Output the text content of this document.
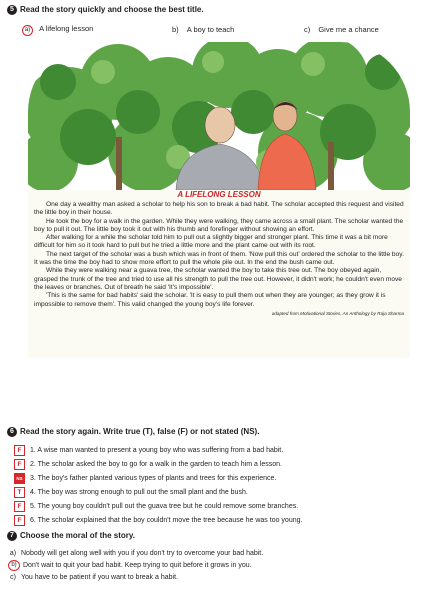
5 Read the story quickly and choose the best title.
a) A lifelong lesson	b) A boy to teach	c) Give me a chance
A LIFELONG LESSON

One day a wealthy man asked a scholar to help his son to break a bad habit. The scholar accepted this request and visited the little boy in their house.

He took the boy for a walk in the garden. While they were walking, they came across a small plant. The scholar wanted the boy to pull it out. The little boy took it out with his thumb and forefinger without showing an effort.

After walking for a while the scholar told him to pull out a slightly bigger and stronger plant. This time it was a bit more difficult for him so it took hard to pull but he tried a little more and the plant came out with its root.

The next target of the scholar was a bush which was in front of them. 'Now pull this out' ordered the scholar to the little boy. It was the time the boy had to show more effort to pull the whole pile out. In the end the bush came out.

While they were walking near a guava tree, the scholar wanted the boy to take this tree out. The boy obeyed again, grasped the trunk of the tree and tried to use all his strength to pull the tree out. However, it didn't work; he couldn't even move the leaves or branches. Out of breath he said 'It's impossible'.

'This is the same for bad habits' said the scholar. 'It is easy to pull them out when they are younger; as they grow it is impossible to remove them'. This valid changed the young boy's life forever.

adapted from Motivational Stories, An Anthology by Raja Sharma
6 Read the story again. Write true (T), false (F) or not stated (NS).
F	1. A wise man wanted to present a young boy who was suffering from a bad habit.
F	2. The scholar asked the boy to go for a walk in the garden to teach him a lesson.
NS	3. The boy's father planted various types of plants and trees for this experience.
T	4. The boy was strong enough to pull out the small plant and the bush.
F	5. The young boy couldn't pull out the guava tree but he could remove some branches.
F	6. The scholar explained that the boy couldn't move the tree because he was too young.
7 Choose the moral of the story.
a) Nobody will get along well with you if you don't try to overcome your bad habit.
b) Don't wait to quit your bad habit. Keep trying to quit before it grows in you.
c) You have to be patient if you want to break a habit.
